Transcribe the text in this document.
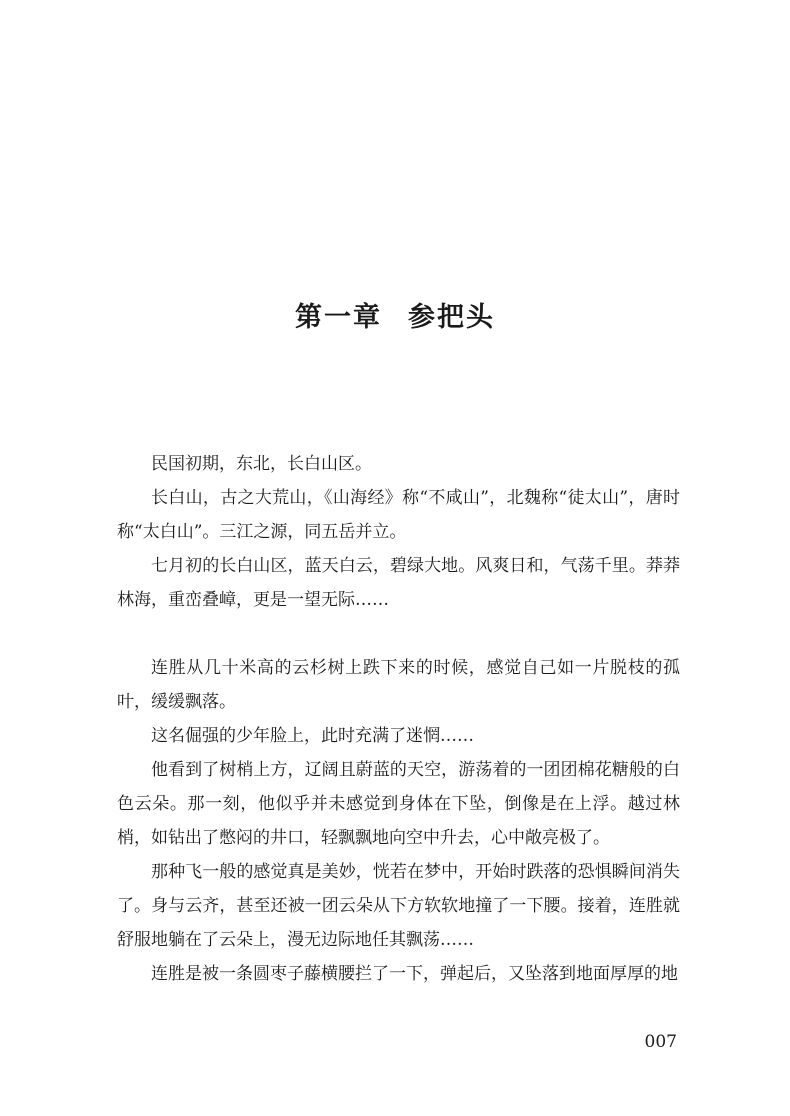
第一章 参把头

民国初期，东北，长白山区。

长白山，古之大荒山，《山海经》称“不咸山”，北魏称“徒太山”，唐时称“太白山”。三江之源，同五岳并立。

七月初的长白山区，蓝天白云，碧绿大地。风爽日和，气荡千里。莽莽林海，重峦叠嶂，更是一望无际……

连胜从几十米高的云杉树上跌下来的时候，感觉自己如一片脱枝的孤叶，缓缓飘落。

这名倔强的少年脸上，此时充满了迷惘……

他看到了树梢上方，辽阔且蔚蓝的天空，游荡着的一团团棉花糖般的白色云朵。那一刻，他似乎并未感觉到身体在下坠，倒像是在上浮。越过林梢，如钻出了憋闷的井口，轻飘飘地向空中升去，心中敞亮极了。

那种飞一般的感觉真是美妙，恍若在梦中，开始时跌落的恐惧瞬间消失了。身与云齐，甚至还被一团云朵从下方软软地撞了一下腰。接着，连胜就舒服地躺在了云朵上，漫无边际地任其飘荡……

连胜是被一条圆枣子藤横腰拦了一下，弹起后，又坠落到地面厚厚的地

007
